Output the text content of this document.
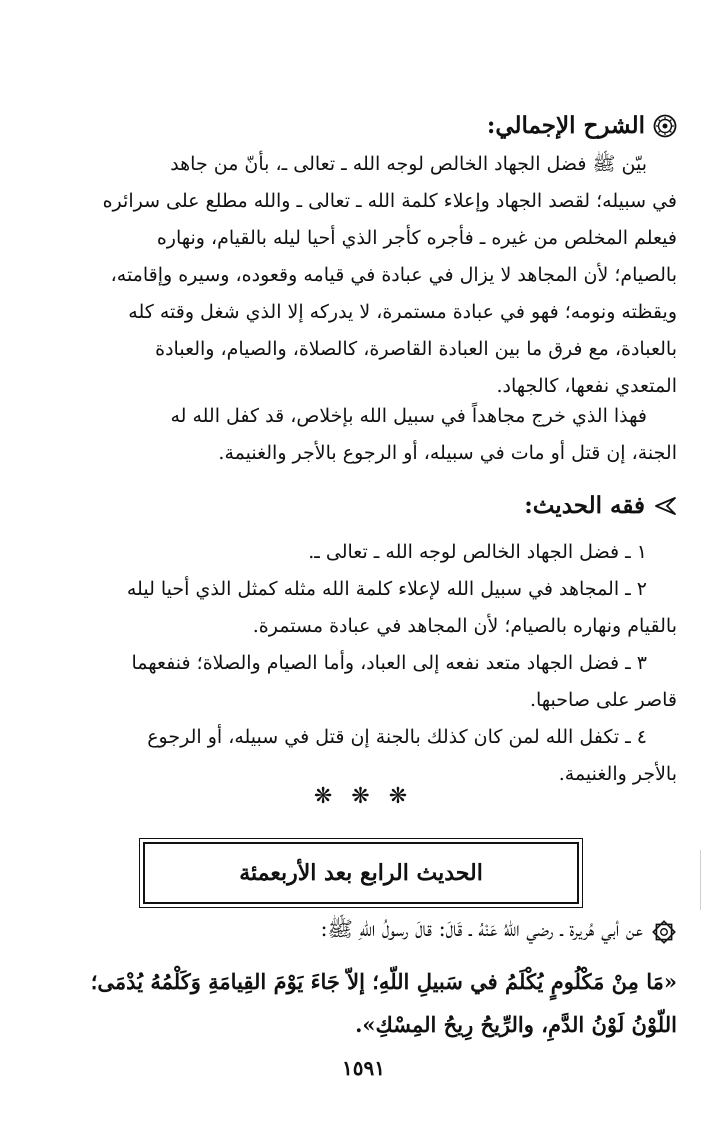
الشرح الإجمالي:
بيّن ﷺ فضل الجهاد الخالص لوجه الله ـ تعالى ـ، بأنّ من جاهد
في سبيله؛ لقصد الجهاد وإعلاء كلمة الله ـ تعالى ـ والله مطلع على سرائره
فيعلم المخلص من غيره ـ فأجره كأجر الذي أحيا ليله بالقيام، ونهاره
بالصيام؛ لأن المجاهد لا يزال في عبادة في قيامه وقعوده، وسيره وإقامته،
ويقظته ونومه؛ فهو في عبادة مستمرة، لا يدركه إلا الذي شغل وقته كله
بالعبادة، مع فرق ما بين العبادة القاصرة، كالصلاة، والصيام، والعبادة
المتعدي نفعها، كالجهاد.
فهذا الذي خرج مجاهداً في سبيل الله بإخلاص، قد كفل الله له
الجنة، إن قتل أو مات في سبيله، أو الرجوع بالأجر والغنيمة.
فقه الحديث:
١ ـ فضل الجهاد الخالص لوجه الله ـ تعالى ـ.
٢ ـ المجاهد في سبيل الله لإعلاء كلمة الله مثله كمثل الذي أحيا ليله
بالقيام ونهاره بالصيام؛ لأن المجاهد في عبادة مستمرة.
٣ ـ فضل الجهاد متعد نفعه إلى العباد، وأما الصيام والصلاة؛ فنفعهما
قاصر على صاحبها.
٤ ـ تكفل الله لمن كان كذلك بالجنة إن قتل في سبيله، أو الرجوع
بالأجر والغنيمة.
❋ ❋ ❋
الحديث الرابع بعد الأربعمئة
عن أبي هُريرة ـ رضي اللّهُ عَنْهُ ـ قَالَ: قالَ رسولُ اللّهِ ﷺ:
«مَا مِنْ مَكْلُومٍ يُكْلَمُ في سَبيلِ اللّهِ؛ إلاّ جَاءَ يَوْمَ القِيامَةِ وَكَلْمُهُ يُدْمَى؛
اللّوْنُ لَوْنُ الدَّمِ، والرِّيحُ رِيحُ المِسْكِ».
١٥٩١
